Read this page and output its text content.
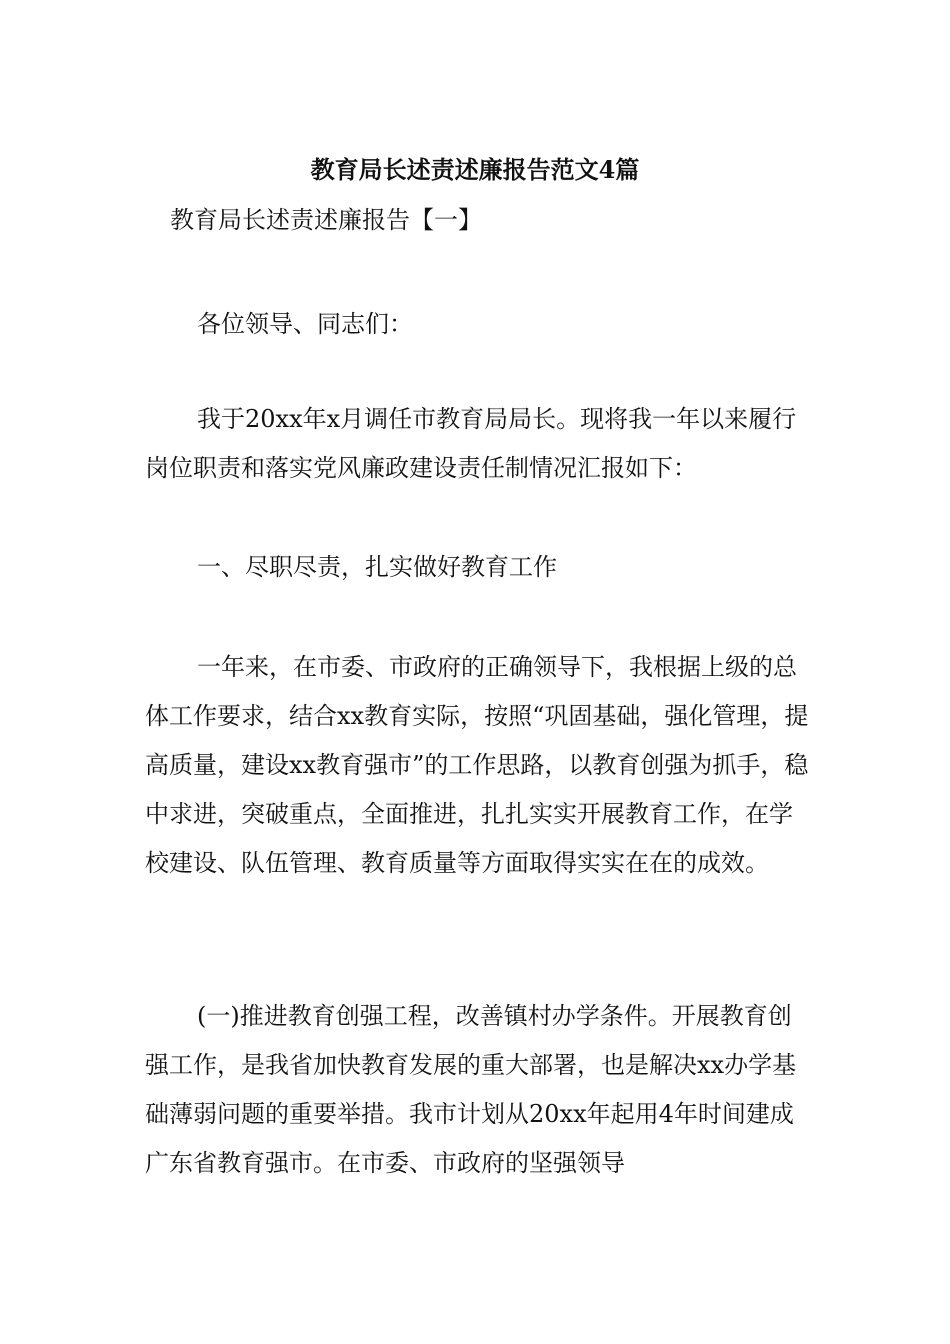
教育局长述责述廉报告范文4篇

教育局长述责述廉报告【一】

各位领导、同志们：

我于20xx年x月调任市教育局局长。现将我一年以来履行岗位职责和落实党风廉政建设责任制情况汇报如下：

一、尽职尽责，扎实做好教育工作

一年来，在市委、市政府的正确领导下，我根据上级的总体工作要求，结合xx教育实际，按照“巩固基础，强化管理，提高质量，建设xx教育强市”的工作思路，以教育创强为抓手，稳中求进，突破重点，全面推进，扎扎实实开展教育工作，在学校建设、队伍管理、教育质量等方面取得实实在在的成效。

(一)推进教育创强工程，改善镇村办学条件。开展教育创强工作，是我省加快教育发展的重大部署，也是解决xx办学基础薄弱问题的重要举措。我市计划从20xx年起用4年时间建成广东省教育强市。在市委、市政府的坚强领导
